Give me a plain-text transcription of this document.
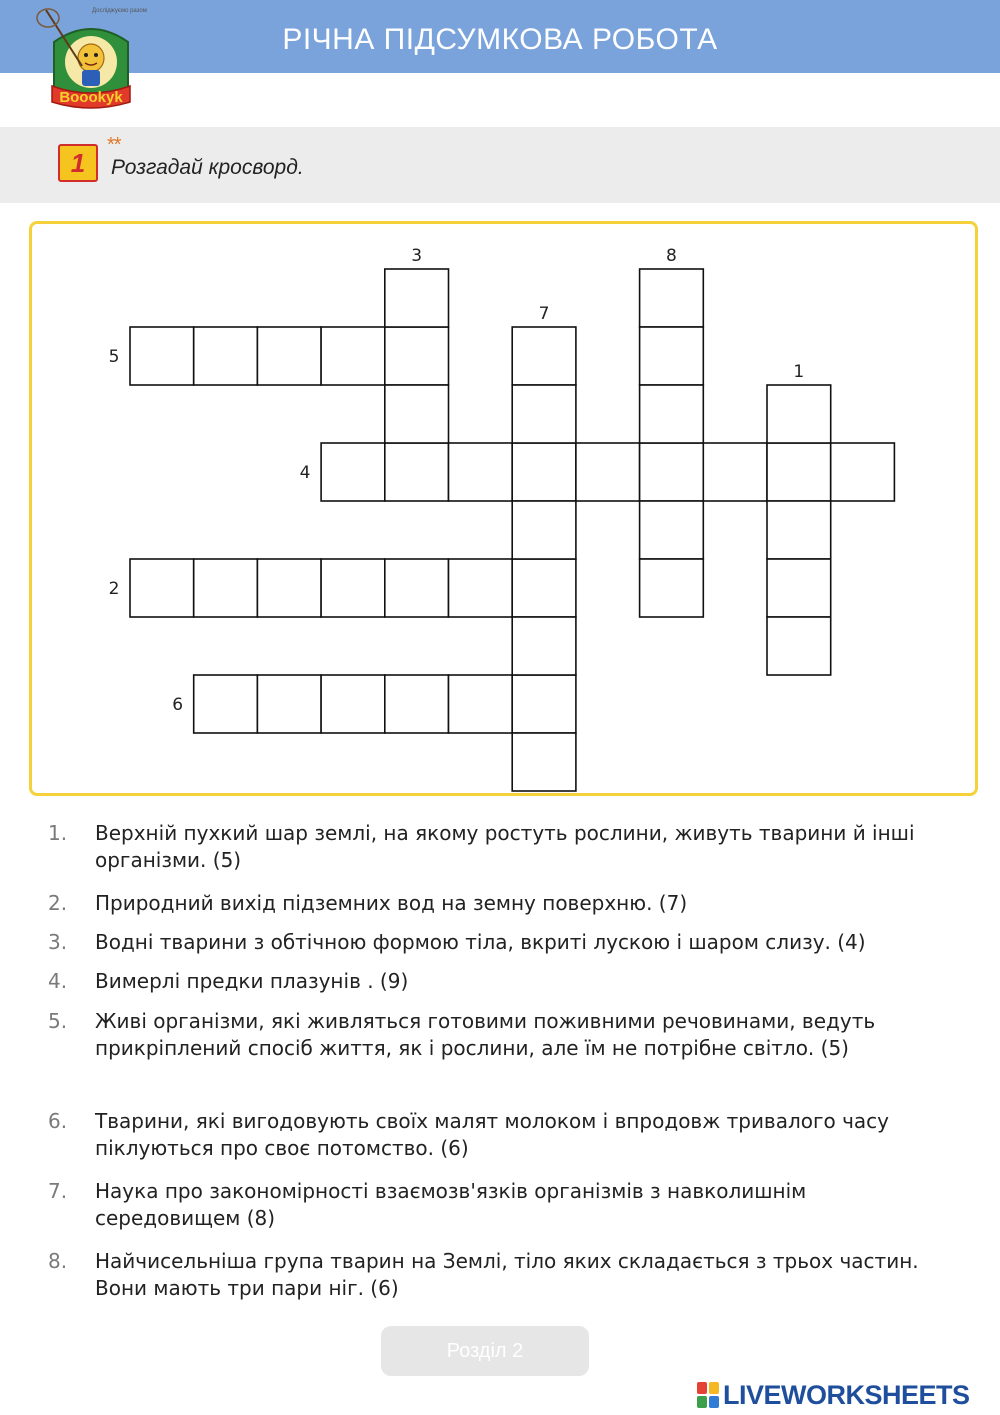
РІЧНА ПІДСУМКОВА РОБОТА
Boookyk
Досліджуємо разом
1
**
Розгадай кросворд.
5
4
2
6
3
7
8
1
1.	Верхній пухкий шар землі, на якому ростуть рослини, живуть тварини й інші організми. (5)
2.	Природний вихід підземних вод на земну поверхню. (7)
3.	Водні тварини з обтічною формою тіла, вкриті лускою і шаром слизу. (4)
4.	Вимерлі предки плазунів . (9)
5.	Живі організми, які живляться готовими поживними речовинами, ведуть прикріплений спосіб життя, як і рослини, але їм не потрібне світло. (5)
6.	Тварини, які вигодовують своїх малят молоком і впродовж тривалого часу піклуються про своє потомство. (6)
7.	Наука про закономірності взаємозв'язків організмів з навколишнім середовищем (8)
8.	Найчисельніша група тварин на Землі, тіло яких складається з трьох частин. Вони мають три пари ніг. (6)
Розділ 2
LIVEWORKSHEETS
